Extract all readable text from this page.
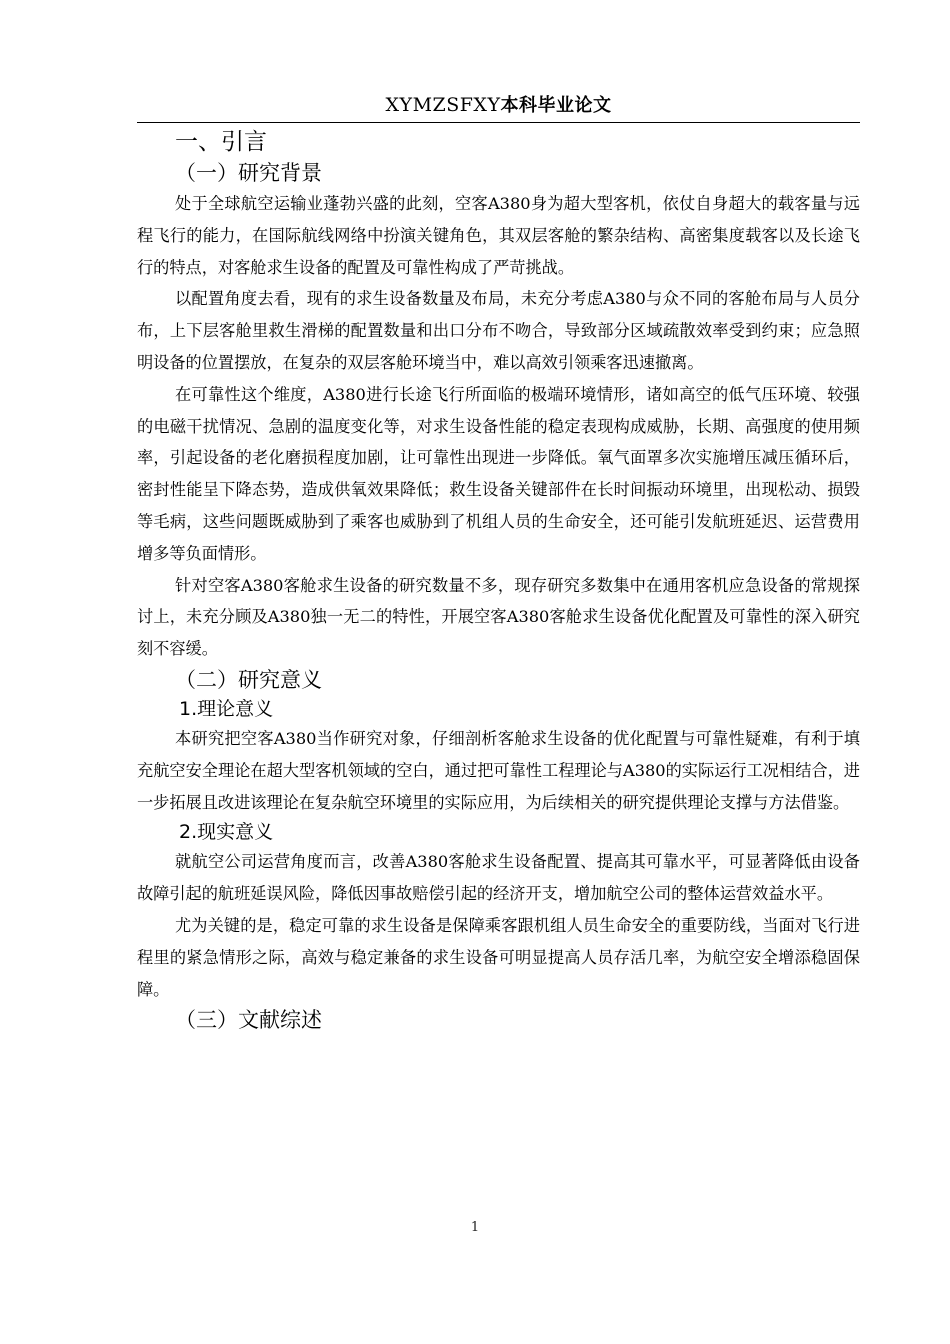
XYMZSFXY本科毕业论文
一、引言
（一）研究背景

处于全球航空运输业蓬勃兴盛的此刻，空客A380身为超大型客机，依仗自身超大的载客量与远程飞行的能力，在国际航线网络中扮演关键角色，其双层客舱的繁杂结构、高密集度载客以及长途飞行的特点，对客舱求生设备的配置及可靠性构成了严苛挑战。

以配置角度去看，现有的求生设备数量及布局，未充分考虑A380与众不同的客舱布局与人员分布，上下层客舱里救生滑梯的配置数量和出口分布不吻合，导致部分区域疏散效率受到约束；应急照明设备的位置摆放，在复杂的双层客舱环境当中，难以高效引领乘客迅速撤离。

在可靠性这个维度，A380进行长途飞行所面临的极端环境情形，诸如高空的低气压环境、较强的电磁干扰情况、急剧的温度变化等，对求生设备性能的稳定表现构成威胁，长期、高强度的使用频率，引起设备的老化磨损程度加剧，让可靠性出现进一步降低。氧气面罩多次实施增压减压循环后，密封性能呈下降态势，造成供氧效果降低；救生设备关键部件在长时间振动环境里，出现松动、损毁等毛病，这些问题既威胁到了乘客也威胁到了机组人员的生命安全，还可能引发航班延迟、运营费用增多等负面情形。

针对空客A380客舱求生设备的研究数量不多，现存研究多数集中在通用客机应急设备的常规探讨上，未充分顾及A380独一无二的特性，开展空客A380客舱求生设备优化配置及可靠性的深入研究刻不容缓。

（二）研究意义
1.理论意义

本研究把空客A380当作研究对象，仔细剖析客舱求生设备的优化配置与可靠性疑难，有利于填充航空安全理论在超大型客机领域的空白，通过把可靠性工程理论与A380的实际运行工况相结合，进一步拓展且改进该理论在复杂航空环境里的实际应用，为后续相关的研究提供理论支撑与方法借鉴。

2.现实意义

就航空公司运营角度而言，改善A380客舱求生设备配置、提高其可靠水平，可显著降低由设备故障引起的航班延误风险，降低因事故赔偿引起的经济开支，增加航空公司的整体运营效益水平。

尤为关键的是，稳定可靠的求生设备是保障乘客跟机组人员生命安全的重要防线，当面对飞行进程里的紧急情形之际，高效与稳定兼备的求生设备可明显提高人员存活几率，为航空安全增添稳固保障。

（三）文献综述
1
